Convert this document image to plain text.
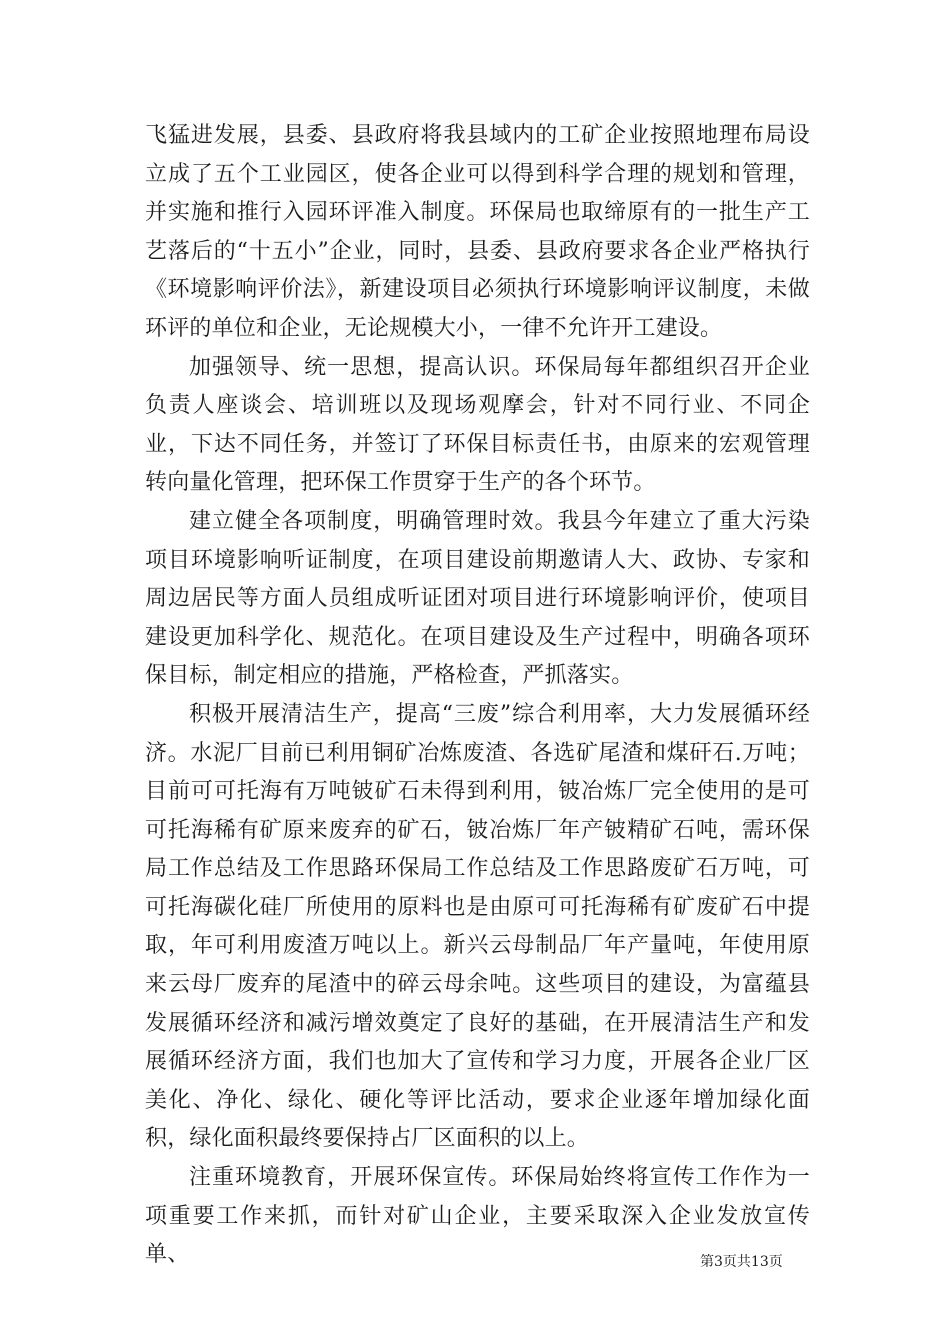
飞猛进发展，县委、县政府将我县域内的工矿企业按照地理布局设立成了五个工业园区，使各企业可以得到科学合理的规划和管理，并实施和推行入园环评准入制度。环保局也取缔原有的一批生产工艺落后的“十五小”企业，同时，县委、县政府要求各企业严格执行《环境影响评价法》，新建设项目必须执行环境影响评议制度，未做环评的单位和企业，无论规模大小，一律不允许开工建设。

加强领导、统一思想，提高认识。环保局每年都组织召开企业负责人座谈会、培训班以及现场观摩会，针对不同行业、不同企业，下达不同任务，并签订了环保目标责任书，由原来的宏观管理转向量化管理，把环保工作贯穿于生产的各个环节。

建立健全各项制度，明确管理时效。我县今年建立了重大污染项目环境影响听证制度，在项目建设前期邀请人大、政协、专家和周边居民等方面人员组成听证团对项目进行环境影响评价，使项目建设更加科学化、规范化。在项目建设及生产过程中，明确各项环保目标，制定相应的措施，严格检查，严抓落实。

积极开展清洁生产，提高“三废”综合利用率，大力发展循环经济。水泥厂目前已利用铜矿冶炼废渣、各选矿尾渣和煤矸石.万吨；目前可可托海有万吨铍矿石未得到利用，铍冶炼厂完全使用的是可可托海稀有矿原来废弃的矿石，铍冶炼厂年产铍精矿石吨，需环保局工作总结及工作思路环保局工作总结及工作思路废矿石万吨，可可托海碳化硅厂所使用的原料也是由原可可托海稀有矿废矿石中提取，年可利用废渣万吨以上。新兴云母制品厂年产量吨，年使用原来云母厂废弃的尾渣中的碎云母余吨。这些项目的建设，为富蕴县发展循环经济和减污增效奠定了良好的基础，在开展清洁生产和发展循环经济方面，我们也加大了宣传和学习力度，开展各企业厂区美化、净化、绿化、硬化等评比活动，要求企业逐年增加绿化面积，绿化面积最终要保持占厂区面积的以上。

注重环境教育，开展环保宣传。环保局始终将宣传工作作为一项重要工作来抓，而针对矿山企业，主要采取深入企业发放宣传单、	第3页共13页
